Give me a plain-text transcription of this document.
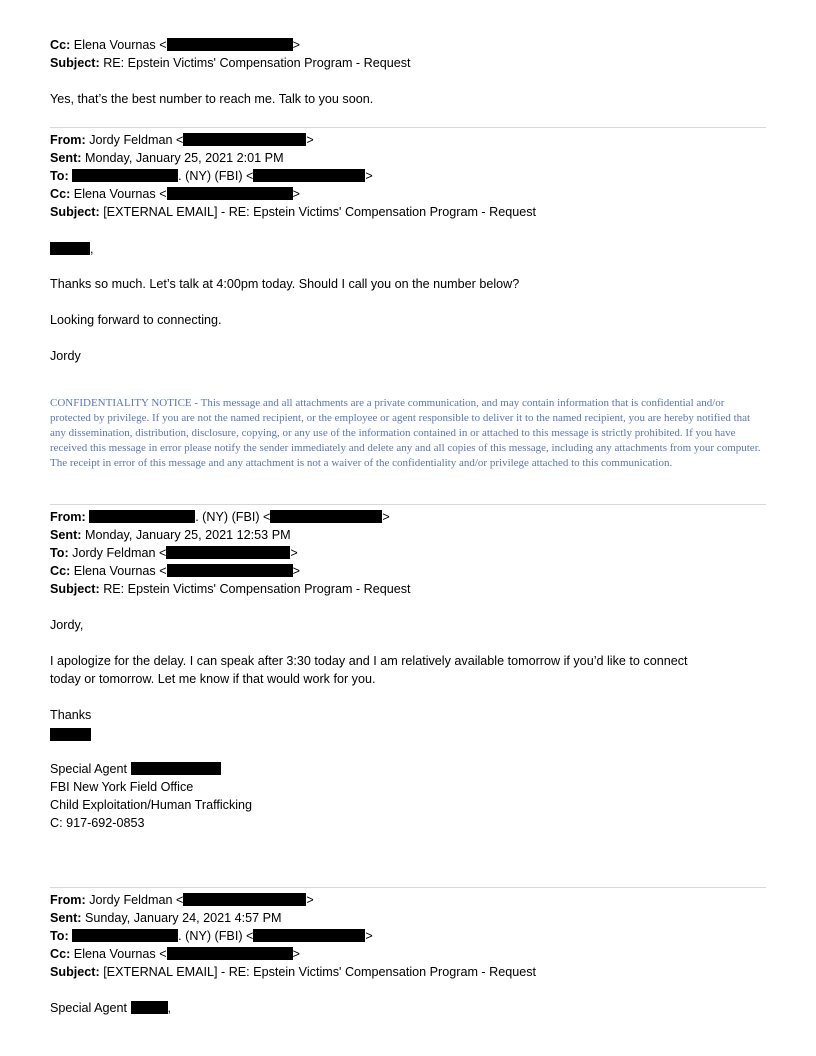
Cc: Elena Vournas <	>
Subject: RE: Epstein Victims' Compensation Program - Request
Yes, that’s the best number to reach me. Talk to you soon.
From: Jordy Feldman <	>
Sent: Monday, January 25, 2021 2:01 PM
To:	. (NY) (FBI) <	>
Cc: Elena Vournas <	>
Subject: [EXTERNAL EMAIL] - RE: Epstein Victims' Compensation Program - Request
,
Thanks so much. Let’s talk at 4:00pm today. Should I call you on the number below?
Looking forward to connecting.
Jordy
CONFIDENTIALITY NOTICE - This message and all attachments are a private communication, and may contain information that is confidential and/or protected by privilege. If you are not the named recipient, or the employee or agent responsible to deliver it to the named recipient, you are hereby notified that any dissemination, distribution, disclosure, copying, or any use of the information contained in or attached to this message is strictly prohibited. If you have received this message in error please notify the sender immediately and delete any and all copies of this message, including any attachments from your computer. The receipt in error of this message and any attachment is not a waiver of the confidentiality and/or privilege attached to this communication.
From:	. (NY) (FBI) <	>
Sent: Monday, January 25, 2021 12:53 PM
To: Jordy Feldman <	>
Cc: Elena Vournas <	>
Subject: RE: Epstein Victims' Compensation Program - Request
Jordy,
I apologize for the delay. I can speak after 3:30 today and I am relatively available tomorrow if you’d like to connect
today or tomorrow. Let me know if that would work for you.
Thanks
Special Agent
FBI New York Field Office
Child Exploitation/Human Trafficking
C: 917-692-0853
From: Jordy Feldman <	>
Sent: Sunday, January 24, 2021 4:57 PM
To:	. (NY) (FBI) <	>
Cc: Elena Vournas <	>
Subject: [EXTERNAL EMAIL] - RE: Epstein Victims' Compensation Program - Request
Special Agent	,
